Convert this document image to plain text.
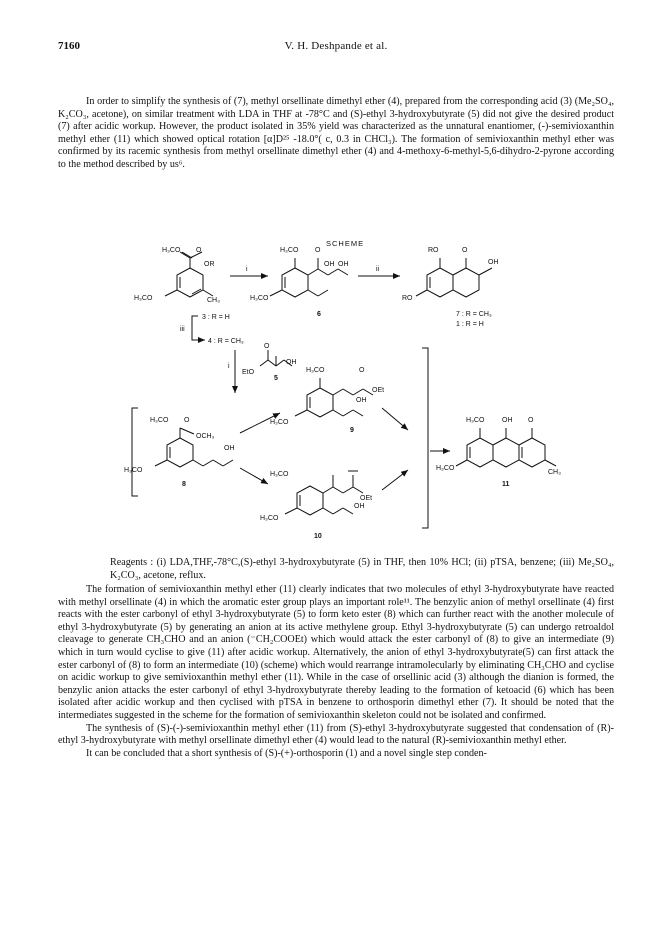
7160	V. H. Deshpande et al.

In order to simplify the synthesis of (7), methyl orsellinate dimethyl ether (4), prepared from the corresponding acid (3) (Me₂SO₄, K₂CO₃, acetone), on similar treatment with LDA in THF at -78°C and (S)-ethyl 3-hydroxybutyrate (5) did not give the desired product (7) after acidic workup. However, the product isolated in 35% yield was characterized as the unnatural enantiomer, (-)-semivioxanthin methyl ether (11) which showed optical rotation [α]D²⁵ -18.0°( c, 0.3 in CHCl₃). The formation of semivioxanthin methyl ether was confirmed by its racemic synthesis from methyl orsellinate dimethyl ether (4) and 4-methoxy-6-methyl-5,6-dihydro-2-pyrone according to the method described by us⁶.

SCHEME
H₃CO O
OR
H₃CO	CH₃
i
H₃CO O
OH OH
H₃CO
6
ii
RO	O
OH
RO
7 : R = CH₃
1 : R = H
3 : R = H
4 : R = CH₃
iii
i
EtO
O
OH
5
H₃CO	O
OEt
OH
H₃CO
9
H₃CO O
OCH₃
OH
H₃CO
8
H₃CO
OEt
OH
H₃CO
10
H₃CO	OH O
H₃CO
CH₃
11
Reagents : (i) LDA,THF,-78°C,(S)-ethyl 3-hydroxybutyrate (5) in THF, then 10% HCl; (ii) pTSA, benzene; (iii) Me₂SO₄, K₂CO₃, acetone, reflux.

The formation of semivioxanthin methyl ether (11) clearly indicates that two molecules of ethyl 3-hydroxybutyrate have reacted with methyl orsellinate (4) in which the aromatic ester group plays an important role¹¹. The benzylic anion of methyl orsellinate (4) first reacts with the ester carbonyl of ethyl 3-hydroxybutyrate (5) to form keto ester (8) which can further react with the another molecule of ethyl 3-hydroxybutyrate (5) by generating an anion at its active methylene group. Ethyl 3-hydroxybutyrate (5) can undergo retroaldol cleavage to generate CH₃CHO and an anion (⁻CH₂COOEt) which would attack the ester carbonyl of (8) to give an intermediate (9) which in turn would cyclise to give (11) after acidic workup. Alternatively, the anion of ethyl 3-hydroxybutyrate(5) can first attack the ester carbonyl of (8) to form an intermediate (10) (scheme) which would rearrange intramolecularly by eliminating CH₃CHO and cyclise on acidic workup to give semivioxanthin methyl ether (11). While in the case of orsellinic acid (3) although the dianion is formed, the benzylic anion attacks the ester carbonyl of ethyl 3-hydroxybutyrate thereby leading to the formation of ketoacid (6) which has been isolated after acidic workup and then cyclised with pTSA in benzene to orthosporin dimethyl ether (7). It should be noted that the intermediates suggested in the scheme for the formation of semivioxanthin skeleton could not be isolated and confirmed.

The synthesis of (S)-(-)-semivioxanthin methyl ether (11) from (S)-ethyl 3-hydroxybutyrate suggested that condensation of (R)-ethyl 3-hydroxybutyrate with methyl orsellinate dimethyl ether (4) would lead to the natural (R)-semivioxanthin methyl ether.

It can be concluded that a short synthesis of (S)-(+)-orthosporin (1) and a novel single step conden-
